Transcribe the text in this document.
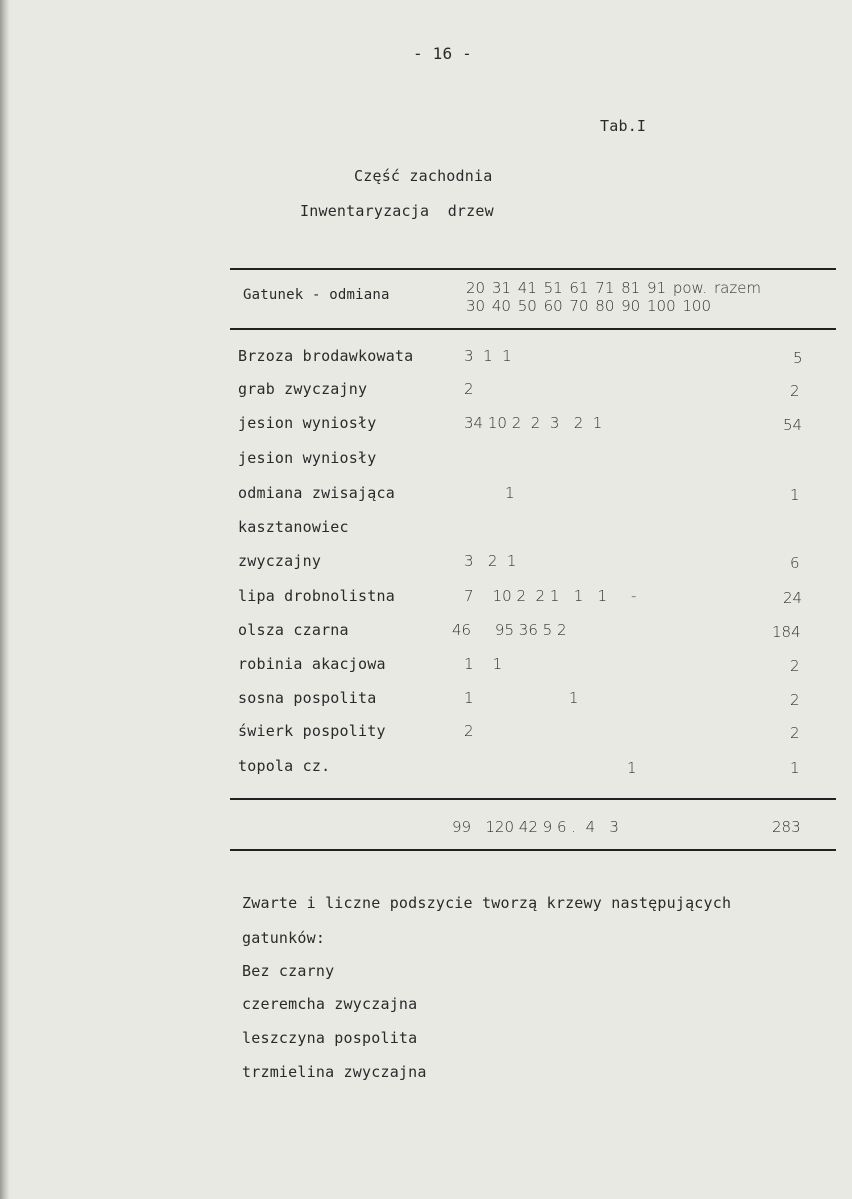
- 16 -
Tab.I
Część zachodnia
Inwentaryzacja  drzew
Gatunek - odmiana	20 31 41 51 61 71 81 91 pow. razem
30 40 50 60 70 80 90 100 100
Brzoza brodawkowata	3  1  1	5
grab zwyczajny	2	2
jesion wyniosły	34 10 2  2  3   2  1	54
jesion wyniosły
odmiana zwisająca	1	1
kasztanowiec
zwyczajny	3   2  1	6
lipa drobnolistna	7    10 2  2 1   1   1     -	24
olsza czarna	46     95 36 5 2	184
robinia akacjowa	1    1	2
sosna pospolita	1                    1	2
świerk pospolity	2	2
topola cz.	1	1
99   120 42 9 6 .  4   3	283
Zwarte i liczne podszycie tworzą krzewy następujących
gatunków:
Bez czarny
czeremcha zwyczajna
leszczyna pospolita
trzmielina zwyczajna
